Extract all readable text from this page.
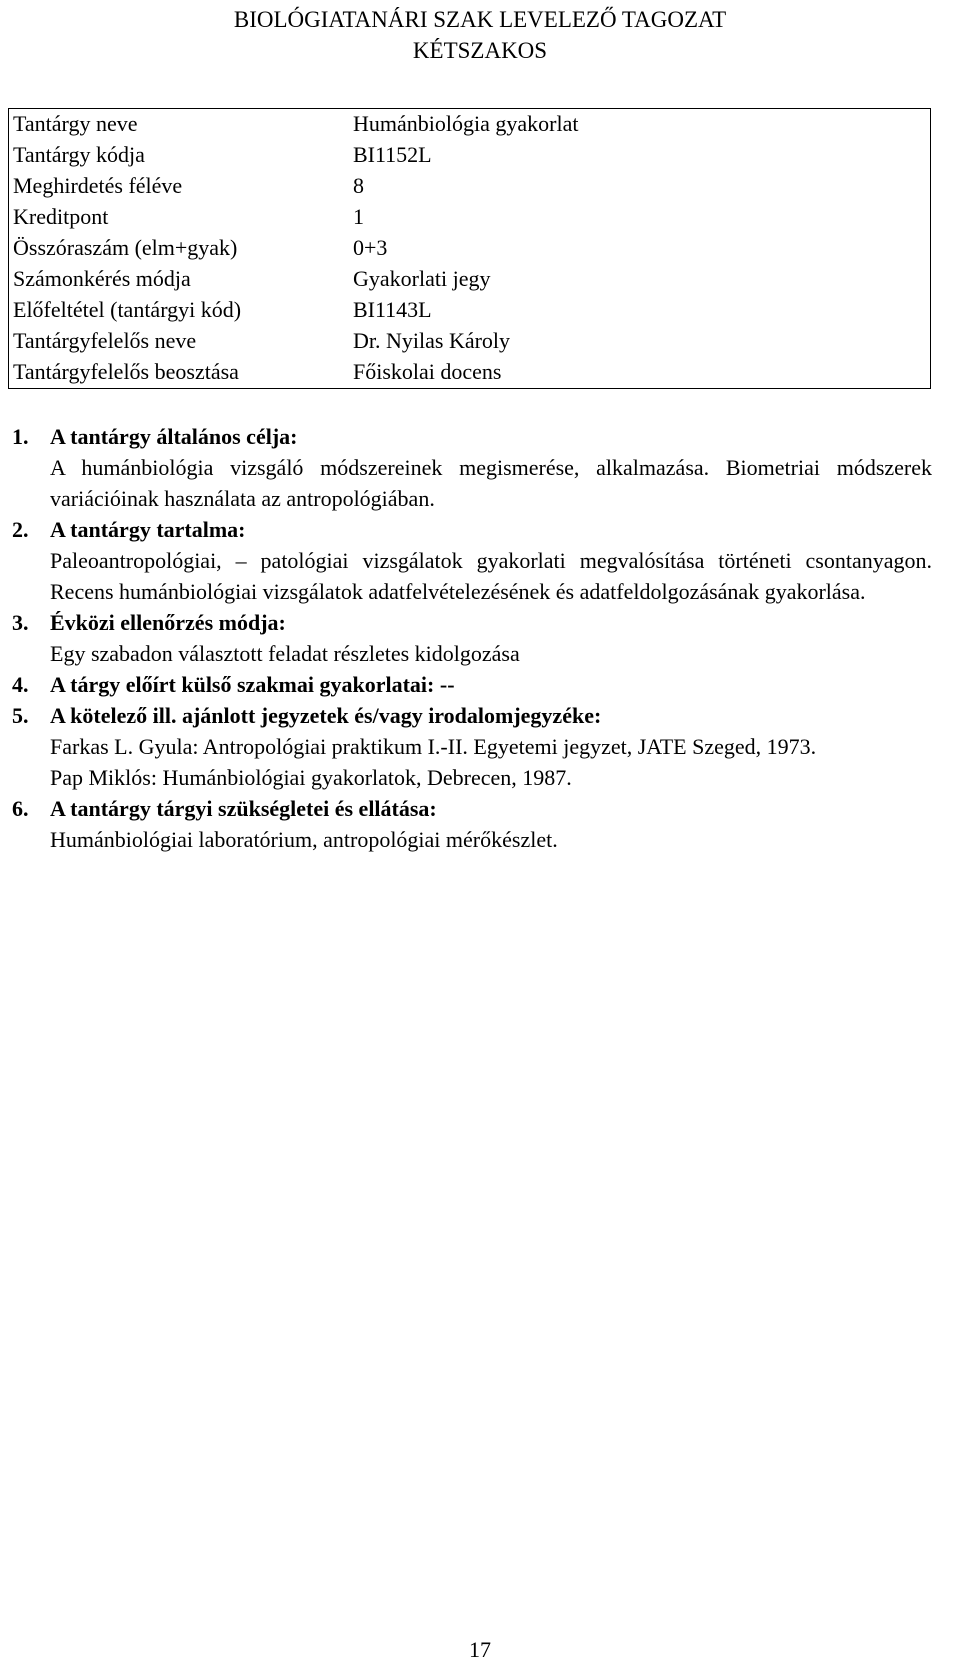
BIOLÓGIATANÁRI SZAK LEVELEZŐ TAGOZAT
KÉTSZAKOS
Tantárgy neve	Humánbiológia gyakorlat
Tantárgy kódja	BI1152L
Meghirdetés féléve	8
Kreditpont	1
Összóraszám (elm+gyak)	0+3
Számonkérés módja	Gyakorlati jegy
Előfeltétel (tantárgyi kód)	BI1143L
Tantárgyfelelős neve	Dr. Nyilas Károly
Tantárgyfelelős beosztása	Főiskolai docens
1. A tantárgy általános célja:

A humánbiológia vizsgáló módszereinek megismerése, alkalmazása. Biometriai módszerek variációinak használata az antropológiában.

2. A tantárgy tartalma:

Paleoantropológiai, – patológiai vizsgálatok gyakorlati megvalósítása történeti csontanyagon. Recens humánbiológiai vizsgálatok adatfelvételezésének és adatfeldolgozásának gyakorlása.

3. Évközi ellenőrzés módja:

Egy szabadon választott feladat részletes kidolgozása

4. A tárgy előírt külső szakmai gyakorlatai: --
5. A kötelező ill. ajánlott jegyzetek és/vagy irodalomjegyzéke:

Farkas L. Gyula: Antropológiai praktikum I.-II. Egyetemi jegyzet, JATE Szeged, 1973.

Pap Miklós: Humánbiológiai gyakorlatok, Debrecen, 1987.

6. A tantárgy tárgyi szükségletei és ellátása:

Humánbiológiai laboratórium, antropológiai mérőkészlet.

17
